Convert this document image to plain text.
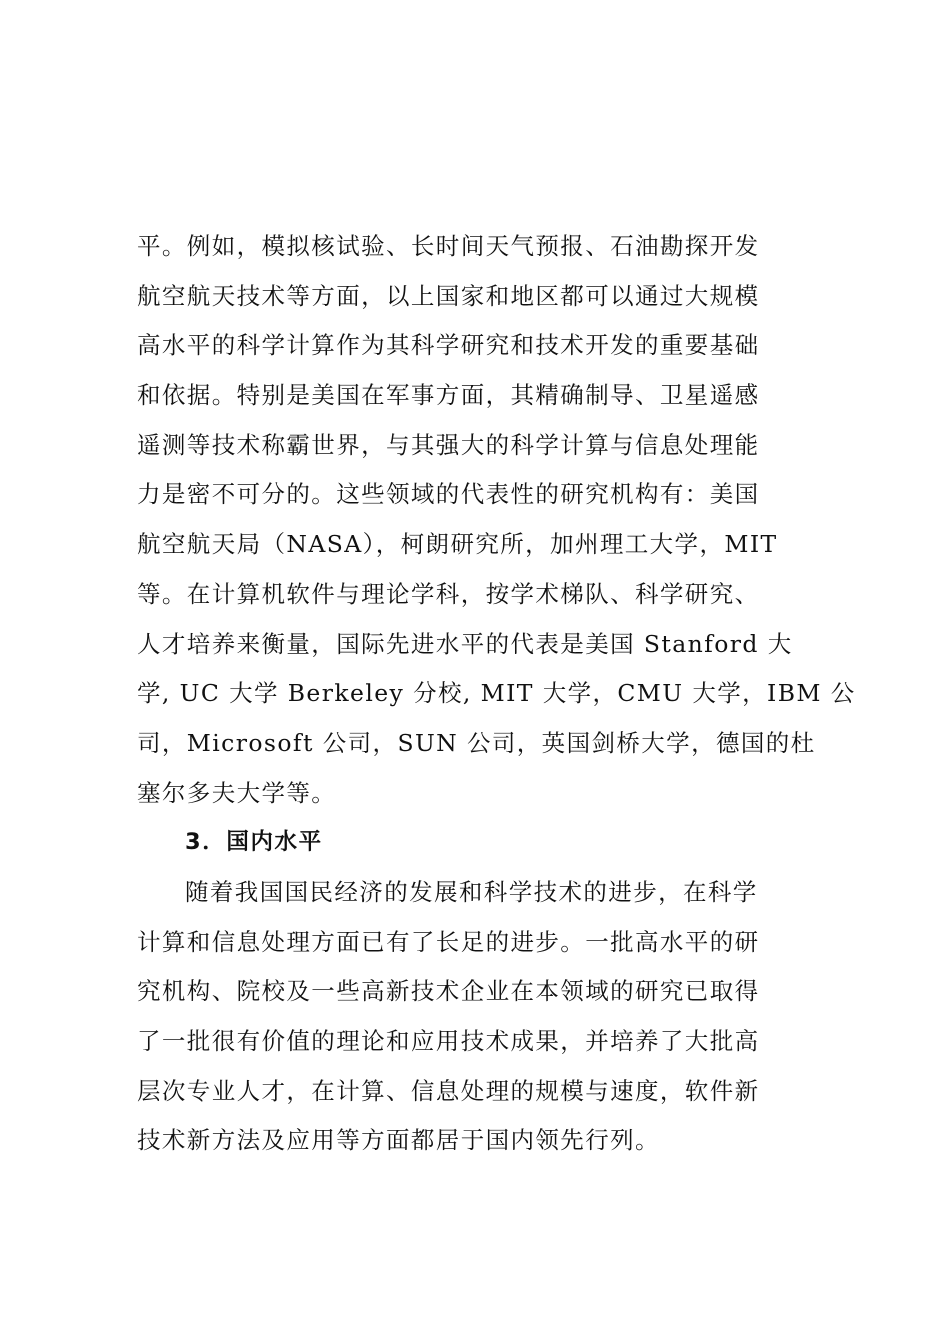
平。例如，模拟核试验、长时间天气预报、石油勘探开发
航空航天技术等方面，以上国家和地区都可以通过大规模
高水平的科学计算作为其科学研究和技术开发的重要基础
和依据。特别是美国在军事方面，其精确制导、卫星遥感
遥测等技术称霸世界，与其强大的科学计算与信息处理能
力是密不可分的。这些领域的代表性的研究机构有：美国
航空航天局（NASA），柯朗研究所，加州理工大学，MIT
等。在计算机软件与理论学科，按学术梯队、科学研究、
人才培养来衡量，国际先进水平的代表是美国 Stanford 大
学, UC 大学 Berkeley 分校, MIT 大学，CMU 大学，IBM 公
司，Microsoft 公司，SUN 公司，英国剑桥大学，德国的杜
塞尔多夫大学等。
3．国内水平
随着我国国民经济的发展和科学技术的进步，在科学
计算和信息处理方面已有了长足的进步。一批高水平的研
究机构、院校及一些高新技术企业在本领域的研究已取得
了一批很有价值的理论和应用技术成果，并培养了大批高
层次专业人才，在计算、信息处理的规模与速度，软件新
技术新方法及应用等方面都居于国内领先行列。
